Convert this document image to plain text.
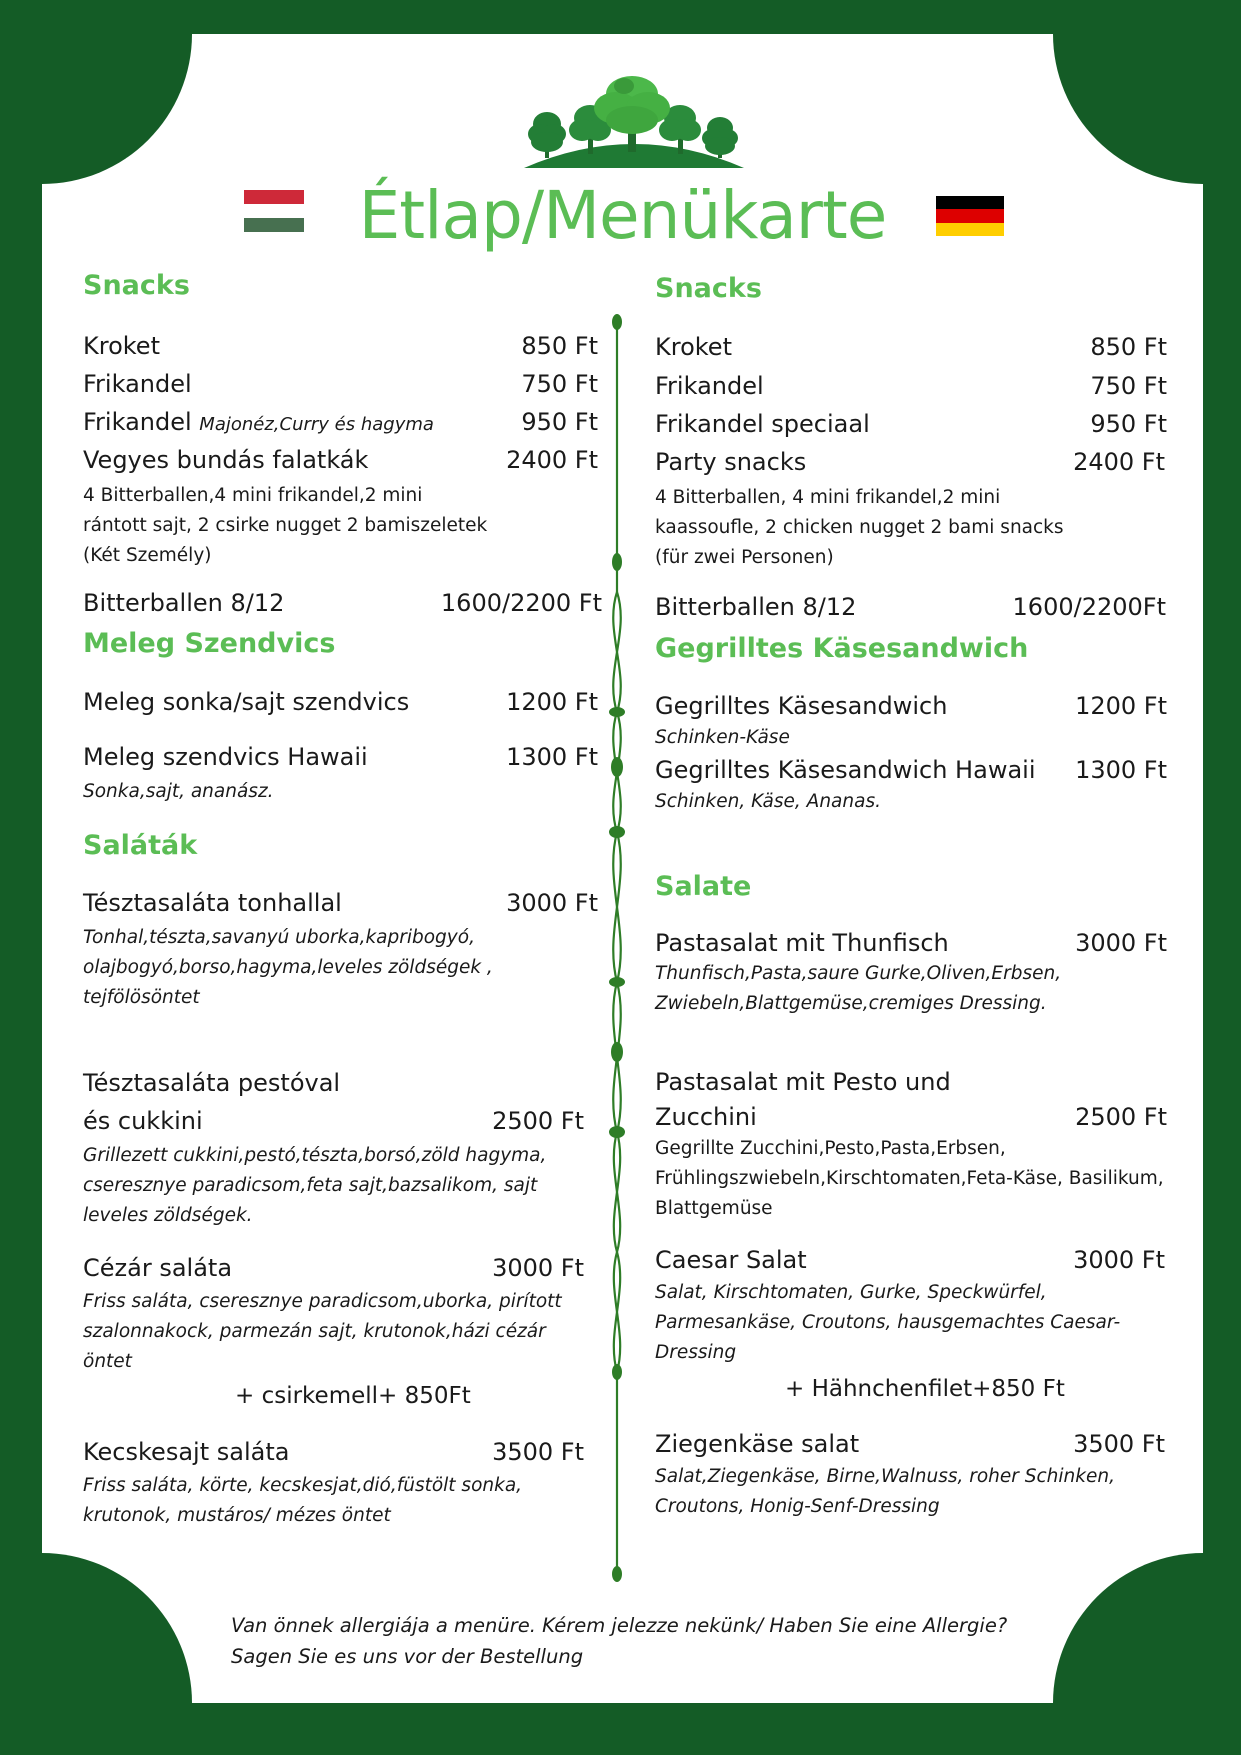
Étlap/Menükarte
Snacks
Kroket	850 Ft
Frikandel	750 Ft
Frikandel Majonéz,Curry és hagyma	950 Ft
Vegyes bundás falatkák	2400 Ft
4 Bitterballen,4 mini frikandel,2 mini
rántott sajt, 2 csirke nugget 2 bamiszeletek
(Két Személy)
Bitterballen 8/12	1600/2200 Ft
Meleg Szendvics
Meleg sonka/sajt szendvics	1200 Ft
Meleg szendvics Hawaii	1300 Ft
Sonka,sajt, ananász.
Saláták
Tésztasaláta tonhallal	3000 Ft
Tonhal,tészta,savanyú uborka,kapribogyó,
olajbogyó,borso,hagyma,leveles zöldségek ,
tejfölösöntet
Tésztasaláta pestóval
és cukkini	2500 Ft
Grillezett cukkini,pestó,tészta,borsó,zöld hagyma,
cseresznye paradicsom,feta sajt,bazsalikom, sajt
leveles zöldségek.
Cézár saláta	3000 Ft
Friss saláta, cseresznye paradicsom,uborka, pirított
szalonnakock, parmezán sajt, krutonok,házi cézár
öntet
+ csirkemell+ 850Ft
Kecskesajt saláta	3500 Ft
Friss saláta, körte, kecskesjat,dió,füstölt sonka,
krutonok, mustáros/ mézes öntet
Snacks
Kroket	850 Ft
Frikandel	750 Ft
Frikandel speciaal	950 Ft
Party snacks	2400 Ft
4 Bitterballen, 4 mini frikandel,2 mini
kaassoufle, 2 chicken nugget 2 bami snacks
(für zwei Personen)
Bitterballen 8/12	1600/2200Ft
Gegrilltes Käsesandwich
Gegrilltes Käsesandwich	1200 Ft
Schinken-Käse
Gegrilltes Käsesandwich Hawaii 1300 Ft
Schinken, Käse, Ananas.
Salate
Pastasalat mit Thunfisch	3000 Ft
Thunfisch,Pasta,saure Gurke,Oliven,Erbsen,
Zwiebeln,Blattgemüse,cremiges Dressing.
Pastasalat mit Pesto und
Zucchini	2500 Ft
Gegrillte Zucchini,Pesto,Pasta,Erbsen,
Frühlingszwiebeln,Kirschtomaten,Feta-Käse, Basilikum,
Blattgemüse
Caesar Salat	3000 Ft
Salat, Kirschtomaten, Gurke, Speckwürfel,
Parmesankäse, Croutons, hausgemachtes Caesar-
Dressing
+ Hähnchenfilet+850 Ft
Ziegenkäse salat	3500 Ft
Salat,Ziegenkäse, Birne,Walnuss, roher Schinken,
Croutons, Honig-Senf-Dressing
Van önnek allergiája a menüre. Kérem jelezze nekünk/ Haben Sie eine Allergie?
Sagen Sie es uns vor der Bestellung
